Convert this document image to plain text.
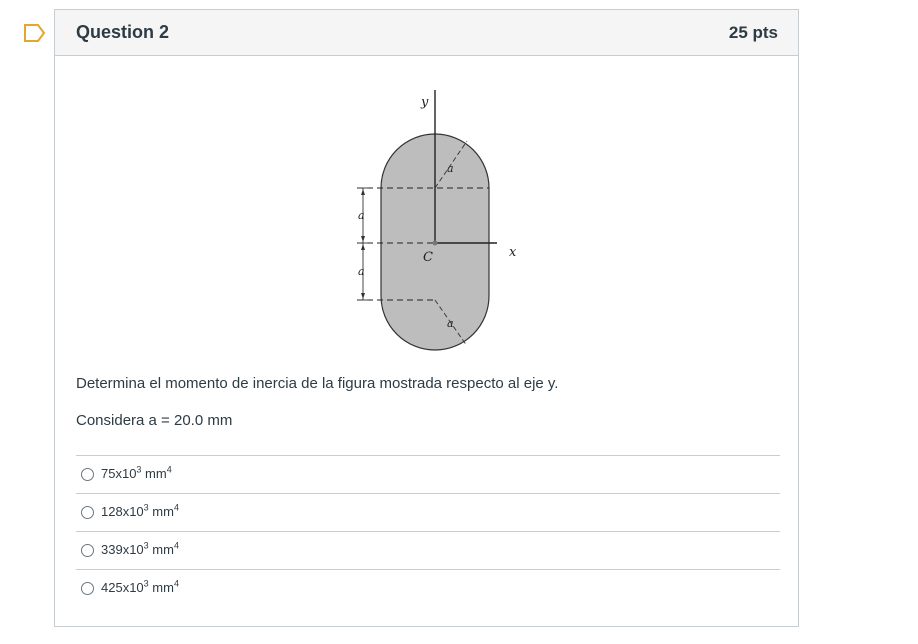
Question 2	25 pts
y
x
C
a
a
a
a
Determina el momento de inercia de la figura mostrada respecto al eje y.
Considera a = 20.0 mm
$75x10^3$ $mm^4$
$128x10^3$ $mm^4$
$339x10^3$ $mm^4$
$425x10^3$ $mm^4$
